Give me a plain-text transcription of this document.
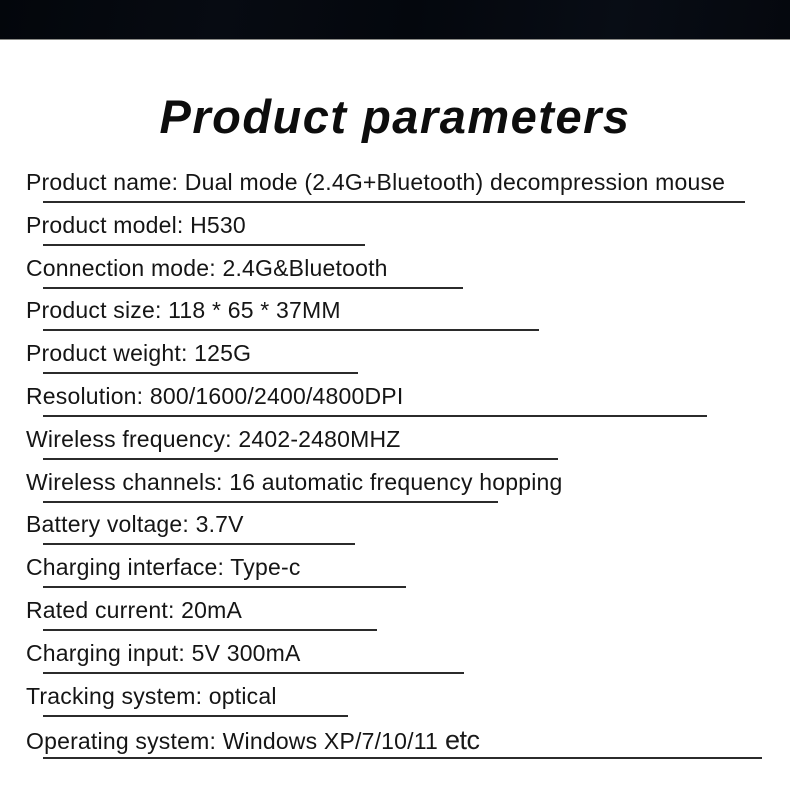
Product parameters
Product name: Dual mode (2.4G+Bluetooth) decompression mouse
Product model: H530
Connection mode: 2.4G&Bluetooth
Product size: 118 * 65 * 37MM
Product weight: 125G
Resolution: 800/1600/2400/4800DPI
Wireless frequency: 2402-2480MHZ
Wireless channels: 16 automatic frequency hopping
Battery voltage: 3.7V
Charging interface: Type-c
Rated current: 20mA
Charging input: 5V 300mA
Tracking system: optical
Operating system: Windows XP/7/10/11 etc
